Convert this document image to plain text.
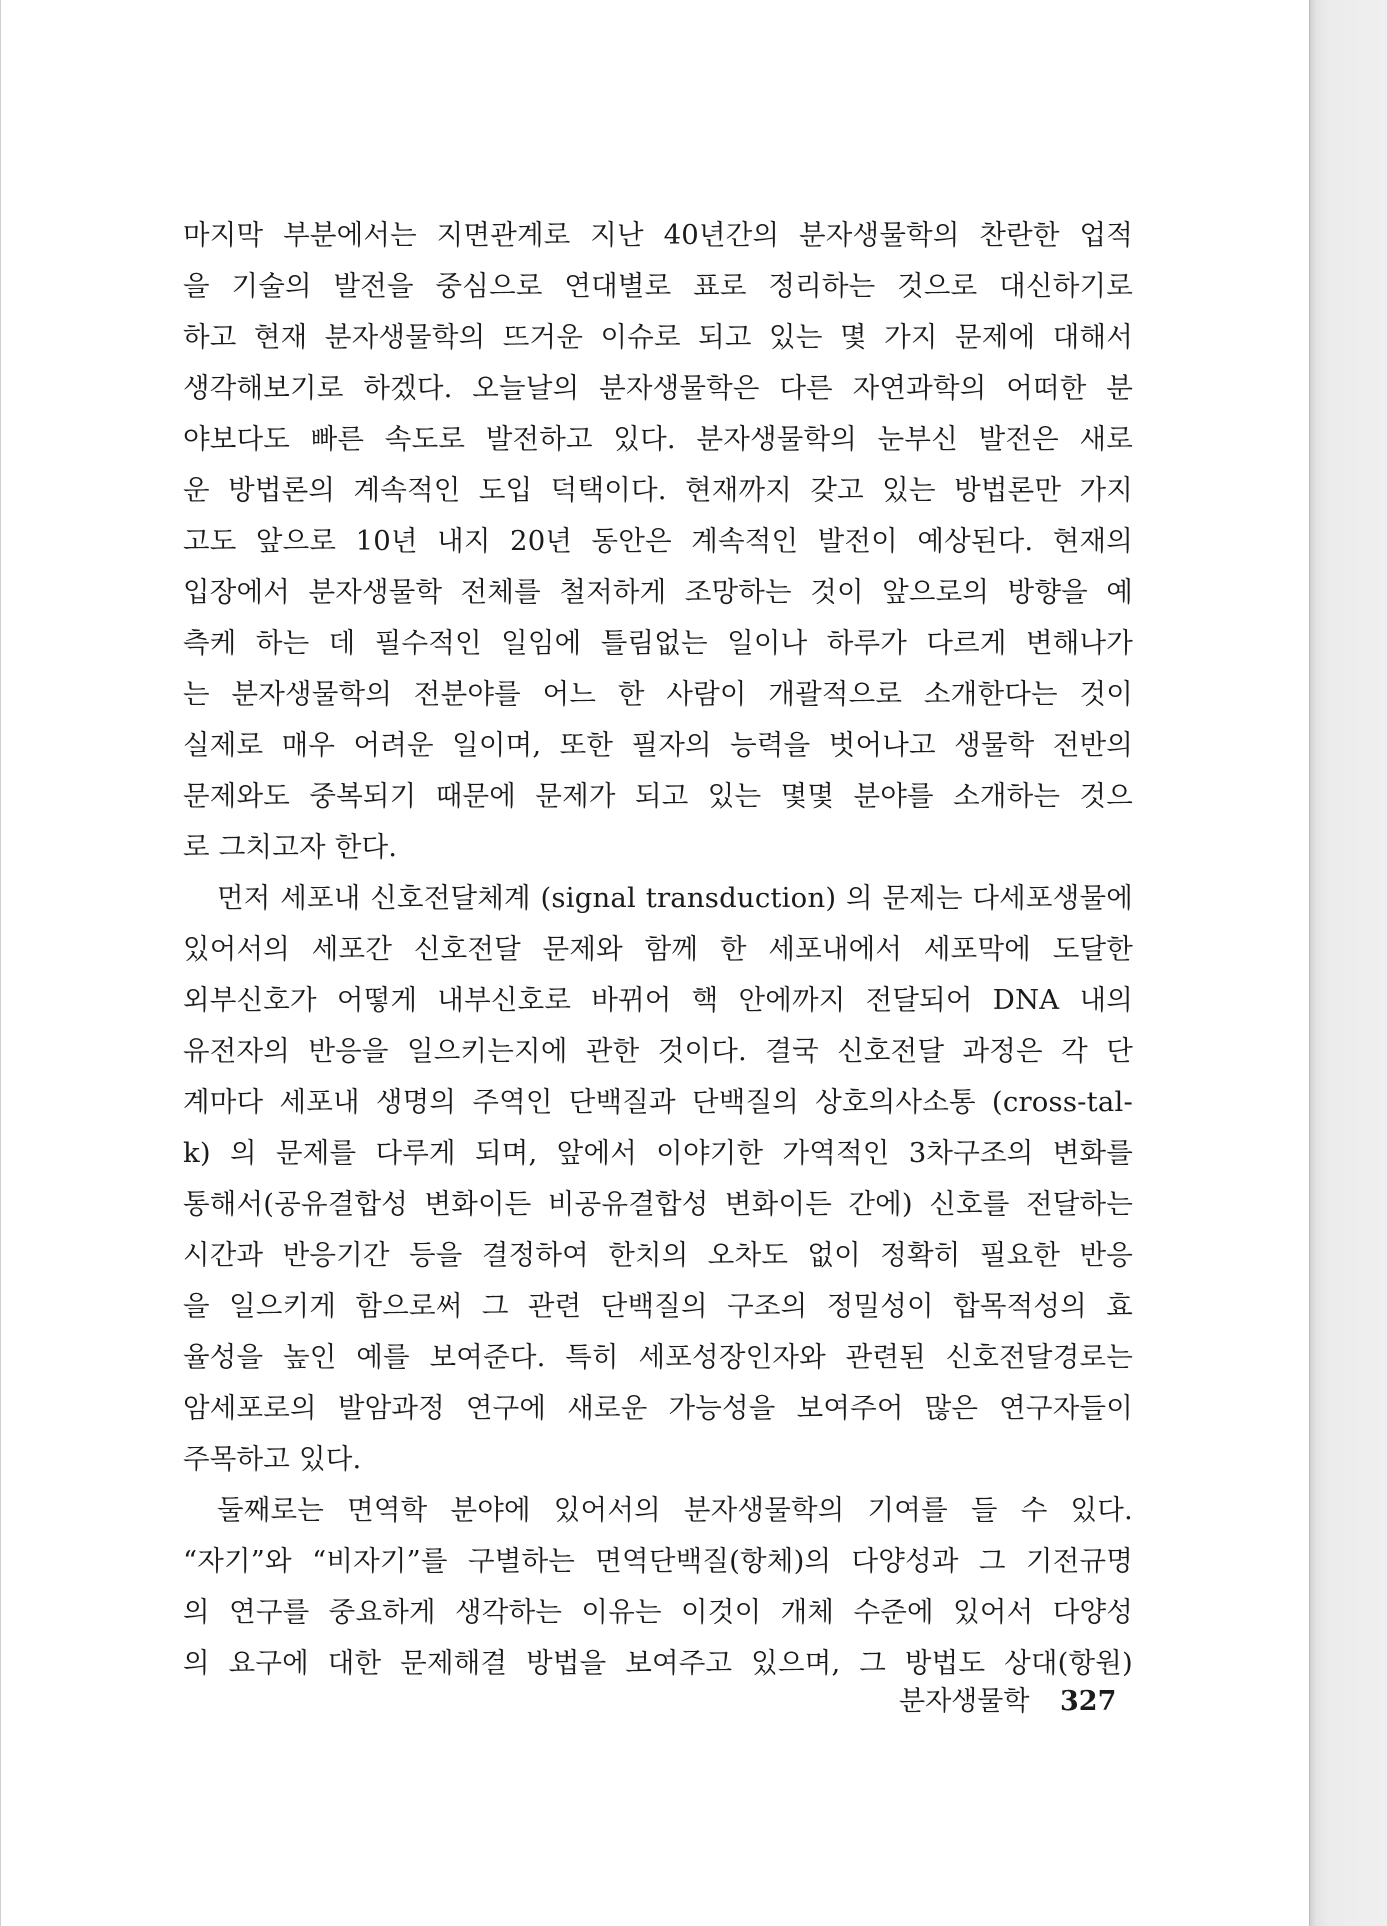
마지막 부분에서는 지면관계로 지난 40년간의 분자생물학의 찬란한 업적
을 기술의 발전을 중심으로 연대별로 표로 정리하는 것으로 대신하기로
하고 현재 분자생물학의 뜨거운 이슈로 되고 있는 몇 가지 문제에 대해서
생각해보기로 하겠다. 오늘날의 분자생물학은 다른 자연과학의 어떠한 분
야보다도 빠른 속도로 발전하고 있다. 분자생물학의 눈부신 발전은 새로
운 방법론의 계속적인 도입 덕택이다. 현재까지 갖고 있는 방법론만 가지
고도 앞으로 10년 내지 20년 동안은 계속적인 발전이 예상된다. 현재의
입장에서 분자생물학 전체를 철저하게 조망하는 것이 앞으로의 방향을 예
측케 하는 데 필수적인 일임에 틀림없는 일이나 하루가 다르게 변해나가
는 분자생물학의 전분야를 어느 한 사람이 개괄적으로 소개한다는 것이
실제로 매우 어려운 일이며, 또한 필자의 능력을 벗어나고 생물학 전반의
문제와도 중복되기 때문에 문제가 되고 있는 몇몇 분야를 소개하는 것으
로 그치고자 한다.
먼저 세포내 신호전달체계 (signal transduction) 의 문제는 다세포생물에
있어서의 세포간 신호전달 문제와 함께 한 세포내에서 세포막에 도달한
외부신호가 어떻게 내부신호로 바뀌어 핵 안에까지 전달되어 DNA 내의
유전자의 반응을 일으키는지에 관한 것이다. 결국 신호전달 과정은 각 단
계마다 세포내 생명의 주역인 단백질과 단백질의 상호의사소통 (cross-tal-
k) 의 문제를 다루게 되며, 앞에서 이야기한 가역적인 3차구조의 변화를
통해서(공유결합성 변화이든 비공유결합성 변화이든 간에) 신호를 전달하는
시간과 반응기간 등을 결정하여 한치의 오차도 없이 정확히 필요한 반응
을 일으키게 함으로써 그 관련 단백질의 구조의 정밀성이 합목적성의 효
율성을 높인 예를 보여준다. 특히 세포성장인자와 관련된 신호전달경로는
암세포로의 발암과정 연구에 새로운 가능성을 보여주어 많은 연구자들이
주목하고 있다.
둘째로는 면역학 분야에 있어서의 분자생물학의 기여를 들 수 있다.
“자기”와 “비자기”를 구별하는 면역단백질(항체)의 다양성과 그 기전규명
의 연구를 중요하게 생각하는 이유는 이것이 개체 수준에 있어서 다양성
의 요구에 대한 문제해결 방법을 보여주고 있으며, 그 방법도 상대(항원)
분자생물학 327
